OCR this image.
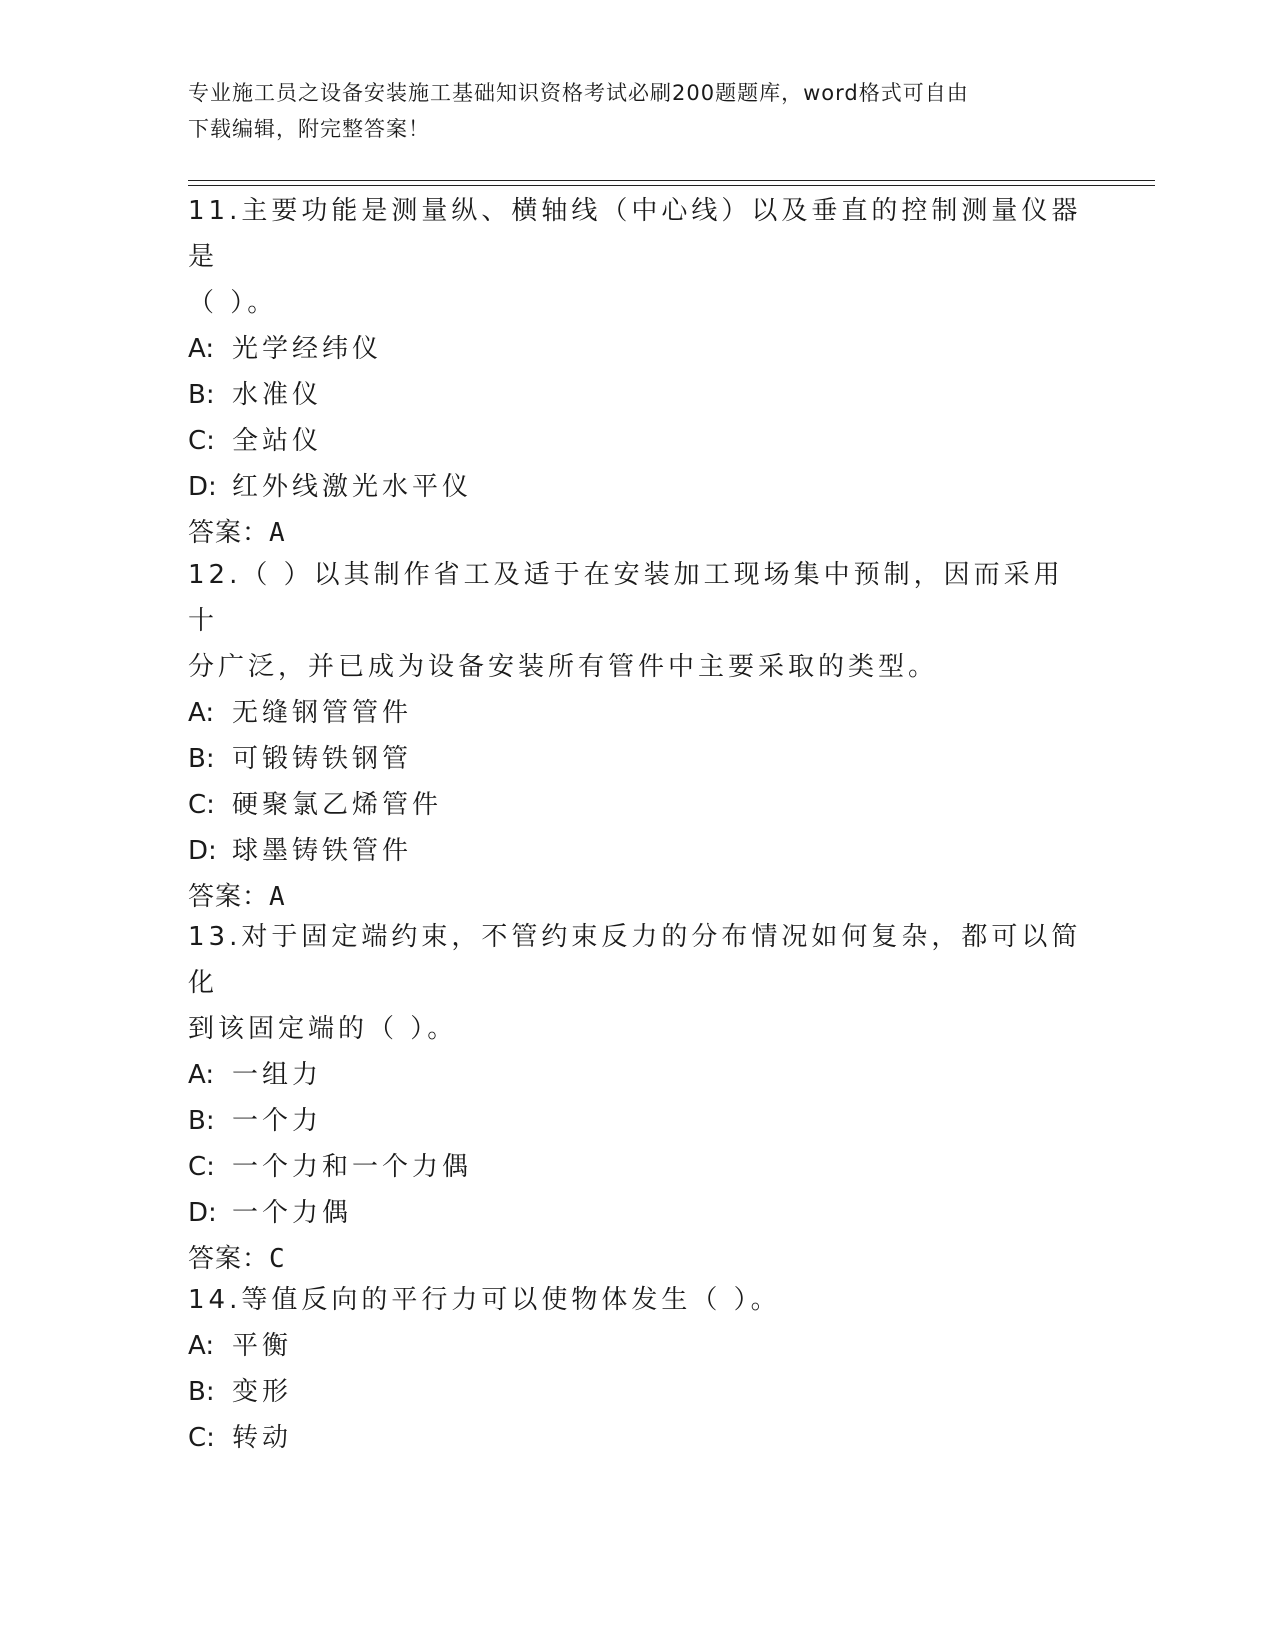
专业施工员之设备安装施工基础知识资格考试必刷200题题库，word格式可自由
下载编辑，附完整答案！
11.主要功能是测量纵、横轴线（中心线）以及垂直的控制测量仪器是
（ ）。
A: 光学经纬仪
B: 水准仪
C: 全站仪
D: 红外线激光水平仪
答案：A
12.（ ）以其制作省工及适于在安装加工现场集中预制，因而采用十
分广泛，并已成为设备安装所有管件中主要采取的类型。
A: 无缝钢管管件
B: 可锻铸铁钢管
C: 硬聚氯乙烯管件
D: 球墨铸铁管件
答案：A
13.对于固定端约束，不管约束反力的分布情况如何复杂，都可以简化
到该固定端的（ ）。
A: 一组力
B: 一个力
C: 一个力和一个力偶
D: 一个力偶
答案：C
14.等值反向的平行力可以使物体发生（ ）。
A: 平衡
B: 变形
C: 转动
